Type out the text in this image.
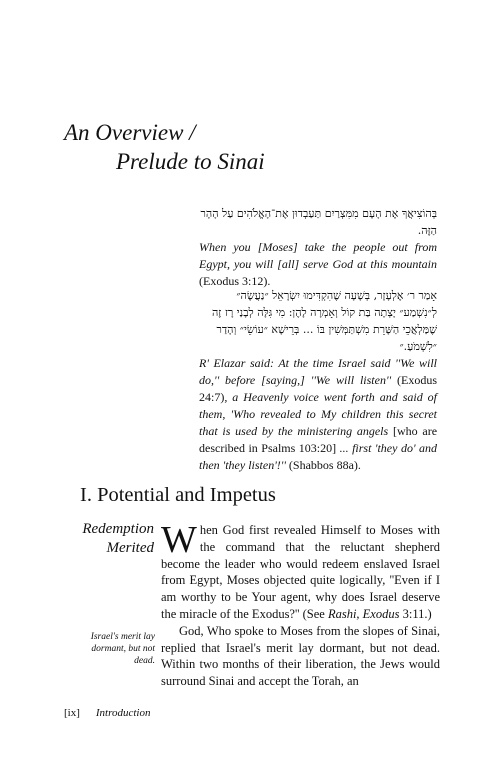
An Overview /
Prelude to Sinai
בְּהוֹצִיאֲךָ אֶת הָעָם מִמִּצְרַיִם תַּעַבְדוּן אֶת־הָאֱלֹהִים עַל הָהָר הַזֶּה.
When you [Moses] take the people out from Egypt, you will [all] serve God at this mountain (Exodus 3:12).
אָמַר ר׳ אֶלְעָזָר, בְּשָׁעָה שֶׁהִקְדִּימוּ יִשְׂרָאֵל ״נַעֲשֶׂה״ לְ״נִשְׁמַע״ יָצְתָה בַּת קוֹל וְאָמְרָה לָהֶן: מִי גִּלָּה לְבָנַי רָז זֶה שֶׁמַּלְאֲכֵי הַשָּׁרֵת מִשְׁתַּמְּשִׁין בּוֹ ... בְּרֵישָׁא ״עוֹשֵׂי״ וְהָדַר ״לִשְׁמֹעַ.״
R' Elazar said: At the time Israel said ''We will do,'' before [saying,] ''We will listen'' (Exodus 24:7), a Heavenly voice went forth and said of them, 'Who revealed to My children this secret that is used by the ministering angels [who are described in Psalms 103:20] ... first 'they do' and then 'they listen'!'' (Shabbos 88a).
I. Potential and Impetus
Redemption
Merited
Israel's merit lay dormant, but not dead.

When God first revealed Himself to Moses with the command that the reluctant shepherd become the leader who would redeem enslaved Israel from Egypt, Moses objected quite logically, ''Even if I am worthy to be Your agent, why does Israel deserve the miracle of the Exodus?'' (See Rashi, Exodus 3:11.)

God, Who spoke to Moses from the slopes of Sinai, replied that Israel's merit lay dormant, but not dead. Within two months of their liberation, the Jews would surround Sinai and accept the Torah, an

[ix] Introduction
